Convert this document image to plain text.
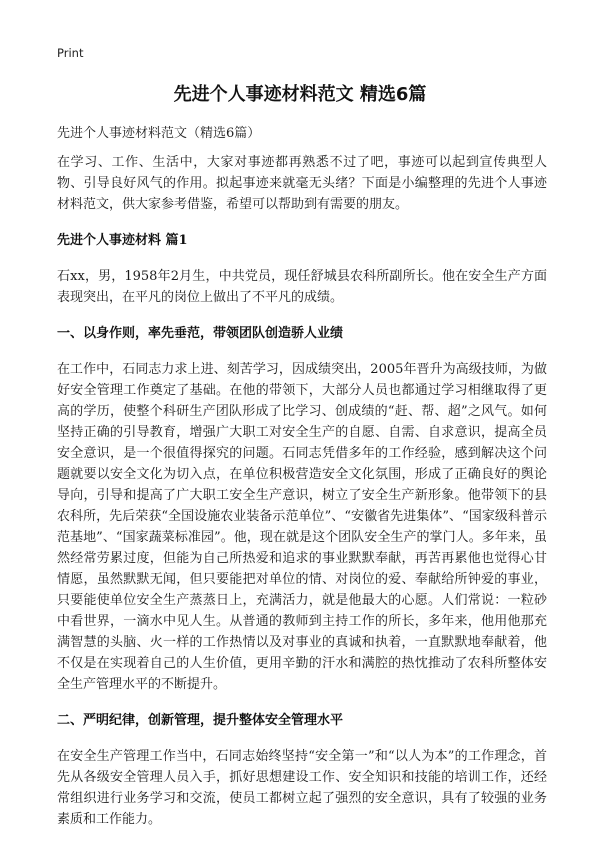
Print
先进个人事迹材料范文 精选6篇

先进个人事迹材料范文（精选6篇）

在学习、工作、生活中，大家对事迹都再熟悉不过了吧，事迹可以起到宣传典型人物、引导良好风气的作用。拟起事迹来就毫无头绪？下面是小编整理的先进个人事迹材料范文，供大家参考借鉴，希望可以帮助到有需要的朋友。

先进个人事迹材料 篇1

石xx，男，1958年2月生，中共党员，现任舒城县农科所副所长。他在安全生产方面表现突出，在平凡的岗位上做出了不平凡的成绩。

一、以身作则，率先垂范，带领团队创造骄人业绩

在工作中，石同志力求上进、刻苦学习，因成绩突出，2005年晋升为高级技师，为做好安全管理工作奠定了基础。在他的带领下，大部分人员也都通过学习相继取得了更高的学历，使整个科研生产团队形成了比学习、创成绩的“赶、帮、超”之风气。如何坚持正确的引导教育，增强广大职工对安全生产的自愿、自需、自求意识，提高全员安全意识，是一个很值得探究的问题。石同志凭借多年的工作经验，感到解决这个问题就要以安全文化为切入点，在单位积极营造安全文化氛围，形成了正确良好的舆论导向，引导和提高了广大职工安全生产意识，树立了安全生产新形象。他带领下的县农科所，先后荣获“全国设施农业装备示范单位”、“安徽省先进集体”、“国家级科普示范基地”、“国家蔬菜标准园”。他，现在就是这个团队安全生产的掌门人。多年来，虽然经常劳累过度，但能为自己所热爱和追求的事业默默奉献，再苦再累他也觉得心甘情愿，虽然默默无闻，但只要能把对单位的情、对岗位的爱、奉献给所钟爱的事业，只要能使单位安全生产蒸蒸日上，充满活力，就是他最大的心愿。人们常说：一粒砂中看世界，一滴水中见人生。从普通的教师到主持工作的所长，多年来，他用他那充满智慧的头脑、火一样的工作热情以及对事业的真诚和执着，一直默默地奉献着，他不仅是在实现着自己的人生价值，更用辛勤的汗水和满腔的热忱推动了农科所整体安全生产管理水平的不断提升。

二、严明纪律，创新管理，提升整体安全管理水平

在安全生产管理工作当中，石同志始终坚持“安全第一”和“以人为本”的工作理念，首先从各级安全管理人员入手，抓好思想建设工作、安全知识和技能的培训工作，还经常组织进行业务学习和交流，使员工都树立起了强烈的安全意识，具有了较强的业务素质和工作能力。
